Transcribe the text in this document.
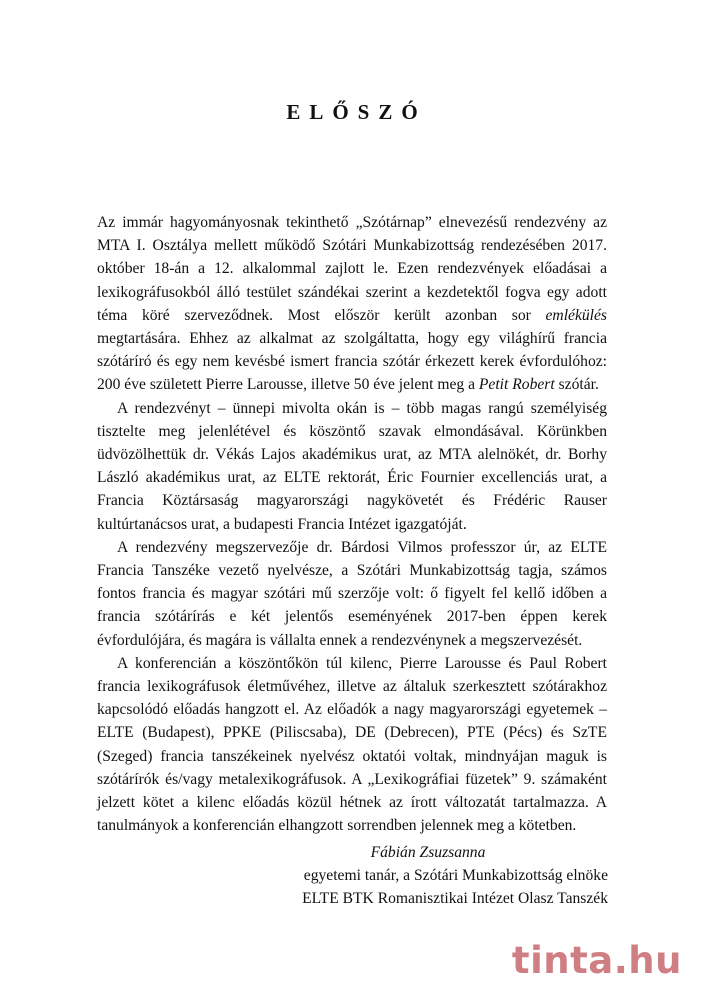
ELŐSZÓ

Az immár hagyományosnak tekinthető „Szótárnap” elnevezésű rendezvény az MTA I. Osztálya mellett működő Szótári Munkabizottság rendezésében 2017. október 18-án a 12. alkalommal zajlott le. Ezen rendezvények előadásai a lexikográfusokból álló testület szándékai szerint a kezdetektől fogva egy adott téma köré szerveződnek. Most először került azonban sor emlékülés megtartására. Ehhez az alkalmat az szolgáltatta, hogy egy világhírű francia szótáríró és egy nem kevésbé ismert francia szótár érkezett kerek évfordulóhoz: 200 éve született Pierre Larousse, illetve 50 éve jelent meg a Petit Robert szótár.

A rendezvényt – ünnepi mivolta okán is – több magas rangú személyiség tisztelte meg jelenlétével és köszöntő szavak elmondásával. Körünkben üdvözölhettük dr. Vékás Lajos akadémikus urat, az MTA alelnökét, dr. Borhy László akadémikus urat, az ELTE rektorát, Éric Fournier excellenciás urat, a Francia Köztársaság magyarországi nagykövetét és Frédéric Rauser kultúrtanácsos urat, a budapesti Francia Intézet igazgatóját.

A rendezvény megszervezője dr. Bárdosi Vilmos professzor úr, az ELTE Francia Tanszéke vezető nyelvésze, a Szótári Munkabizottság tagja, számos fontos francia és magyar szótári mű szerzője volt: ő figyelt fel kellő időben a francia szótárírás e két jelentős eseményének 2017-ben éppen kerek évfordulójára, és magára is vállalta ennek a rendezvénynek a megszervezését.

A konferencián a köszöntőkön túl kilenc, Pierre Larousse és Paul Robert francia lexikográfusok életművéhez, illetve az általuk szerkesztett szótárakhoz kapcsolódó előadás hangzott el. Az előadók a nagy magyarországi egyetemek – ELTE (Budapest), PPKE (Piliscsaba), DE (Debrecen), PTE (Pécs) és SzTE (Szeged) francia tanszékeinek nyelvész oktatói voltak, mindnyájan maguk is szótárírók és/vagy metalexikográfusok. A „Lexikográfiai füzetek” 9. számaként jelzett kötet a kilenc előadás közül hétnek az írott változatát tartalmazza. A tanulmányok a konferencián elhangzott sorrendben jelennek meg a kötetben.

Fábián Zsuzsanna
egyetemi tanár, a Szótári Munkabizottság elnöke
ELTE BTK Romanisztikai Intézet Olasz Tanszék
tinta.hu
